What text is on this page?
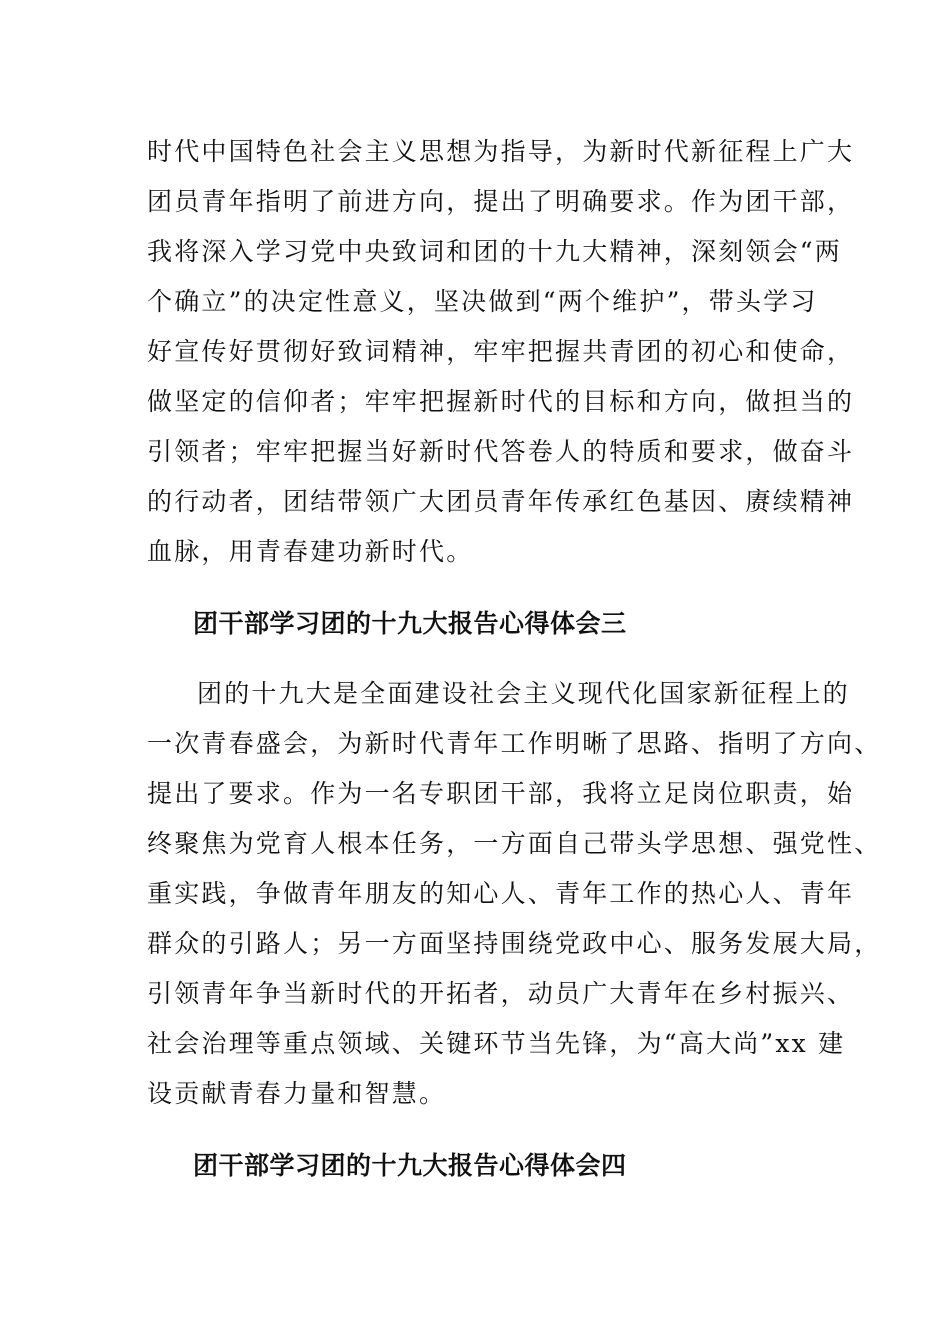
时代中国特色社会主义思想为指导，为新时代新征程上广大
团员青年指明了前进方向，提出了明确要求。作为团干部，
我将深入学习党中央致词和团的十九大精神，深刻领会“两
个确立”的决定性意义，坚决做到“两个维护”，带头学习
好宣传好贯彻好致词精神，牢牢把握共青团的初心和使命，
做坚定的信仰者；牢牢把握新时代的目标和方向，做担当的
引领者；牢牢把握当好新时代答卷人的特质和要求，做奋斗
的行动者，团结带领广大团员青年传承红色基因、赓续精神
血脉，用青春建功新时代。
团干部学习团的十九大报告心得体会三
团的十九大是全面建设社会主义现代化国家新征程上的
一次青春盛会，为新时代青年工作明晰了思路、指明了方向、
提出了要求。作为一名专职团干部，我将立足岗位职责，始
终聚焦为党育人根本任务，一方面自己带头学思想、强党性、
重实践，争做青年朋友的知心人、青年工作的热心人、青年
群众的引路人；另一方面坚持围绕党政中心、服务发展大局，
引领青年争当新时代的开拓者，动员广大青年在乡村振兴、
社会治理等重点领域、关键环节当先锋，为“高大尚”xx 建
设贡献青春力量和智慧。
团干部学习团的十九大报告心得体会四
